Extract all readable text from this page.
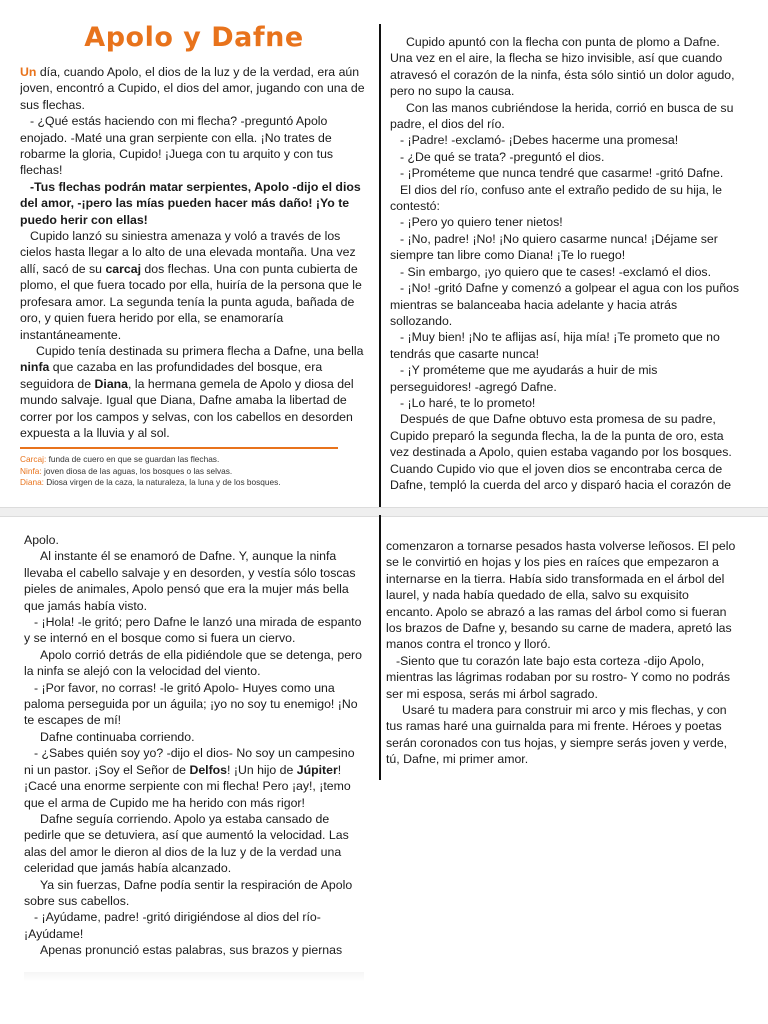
Apolo y Dafne

Un día, cuando Apolo, el dios de la luz y de la verdad, era aún joven, encontró a Cupido, el dios del amor, jugando con una de sus flechas.

- ¿Qué estás haciendo con mi flecha? -preguntó Apolo enojado. -Maté una gran serpiente con ella. ¡No trates de robarme la gloria, Cupido! ¡Juega con tu arquito y con tus flechas!

-Tus flechas podrán matar serpientes, Apolo -dijo el dios del amor, -¡pero las mías pueden hacer más daño! ¡Yo te puedo herir con ellas!

Cupido lanzó su siniestra amenaza y voló a través de los cielos hasta llegar a lo alto de una elevada montaña. Una vez allí, sacó de su carcaj dos flechas. Una con punta cubierta de plomo, el que fuera tocado por ella, huiría de la persona que le profesara amor. La segunda tenía la punta aguda, bañada de oro, y quien fuera herido por ella, se enamoraría instantáneamente.

Cupido tenía destinada su primera flecha a Dafne, una bella ninfa que cazaba en las profundidades del bosque, era seguidora de Diana, la hermana gemela de Apolo y diosa del mundo salvaje. Igual que Diana, Dafne amaba la libertad de correr por los campos y selvas, con los cabellos en desorden expuesta a la lluvia y al sol.

Carcaj: funda de cuero en que se guardan las flechas.

Ninfa: joven diosa de las aguas, los bosques o las selvas.

Diana: Diosa virgen de la caza, la naturaleza, la luna y de los bosques.

Cupido apuntó con la flecha con punta de plomo a Dafne. Una vez en el aire, la flecha se hizo invisible, así que cuando atravesó el corazón de la ninfa, ésta sólo sintió un dolor agudo, pero no supo la causa.

Con las manos cubriéndose la herida, corrió en busca de su padre, el dios del río.

- ¡Padre! -exclamó- ¡Debes hacerme una promesa!

- ¿De qué se trata? -preguntó el dios.

- ¡Prométeme que nunca tendré que casarme! -gritó Dafne.

El dios del río, confuso ante el extraño pedido de su hija, le contestó:

- ¡Pero yo quiero tener nietos!

- ¡No, padre! ¡No! ¡No quiero casarme nunca! ¡Déjame ser siempre tan libre como Diana! ¡Te lo ruego!

- Sin embargo, ¡yo quiero que te cases! -exclamó el dios.

- ¡No! -gritó Dafne y comenzó a golpear el agua con los puños mientras se balanceaba hacia adelante y hacia atrás sollozando.

- ¡Muy bien! ¡No te aflijas así, hija mía! ¡Te prometo que no tendrás que casarte nunca!

- ¡Y prométeme que me ayudarás a huir de mis perseguidores! -agregó Dafne.

- ¡Lo haré, te lo prometo!

Después de que Dafne obtuvo esta promesa de su padre, Cupido preparó la segunda flecha, la de la punta de oro, esta vez destinada a Apolo, quien estaba vagando por los bosques. Cuando Cupido vio que el joven dios se encontraba cerca de Dafne, templó la cuerda del arco y disparó hacia el corazón de

Apolo.

Al instante él se enamoró de Dafne. Y, aunque la ninfa llevaba el cabello salvaje y en desorden, y vestía sólo toscas pieles de animales, Apolo pensó que era la mujer más bella que jamás había visto.

- ¡Hola! -le gritó; pero Dafne le lanzó una mirada de espanto y se internó en el bosque como si fuera un ciervo.

Apolo corrió detrás de ella pidiéndole que se detenga, pero la ninfa se alejó con la velocidad del viento.

- ¡Por favor, no corras! -le gritó Apolo- Huyes como una paloma perseguida por un águila; ¡yo no soy tu enemigo! ¡No te escapes de mí!

Dafne continuaba corriendo.

- ¿Sabes quién soy yo? -dijo el dios- No soy un campesino ni un pastor. ¡Soy el Señor de Delfos! ¡Un hijo de Júpiter! ¡Cacé una enorme serpiente con mi flecha! Pero ¡ay!, ¡temo que el arma de Cupido me ha herido con más rigor!

Dafne seguía corriendo. Apolo ya estaba cansado de pedirle que se detuviera, así que aumentó la velocidad. Las alas del amor le dieron al dios de la luz y de la verdad una celeridad que jamás había alcanzado.

Ya sin fuerzas, Dafne podía sentir la respiración de Apolo sobre sus cabellos.

- ¡Ayúdame, padre! -gritó dirigiéndose al dios del río- ¡Ayúdame!

Apenas pronunció estas palabras, sus brazos y piernas

comenzaron a tornarse pesados hasta volverse leñosos. El pelo se le convirtió en hojas y los pies en raíces que empezaron a internarse en la tierra. Había sido transformada en el árbol del laurel, y nada había quedado de ella, salvo su exquisito encanto. Apolo se abrazó a las ramas del árbol como si fueran los brazos de Dafne y, besando su carne de madera, apretó las manos contra el tronco y lloró.

-Siento que tu corazón late bajo esta corteza -dijo Apolo, mientras las lágrimas rodaban por su rostro- Y como no podrás ser mi esposa, serás mi árbol sagrado.

Usaré tu madera para construir mi arco y mis flechas, y con tus ramas haré una guirnalda para mi frente. Héroes y poetas serán coronados con tus hojas, y siempre serás joven y verde, tú, Dafne, mi primer amor.
